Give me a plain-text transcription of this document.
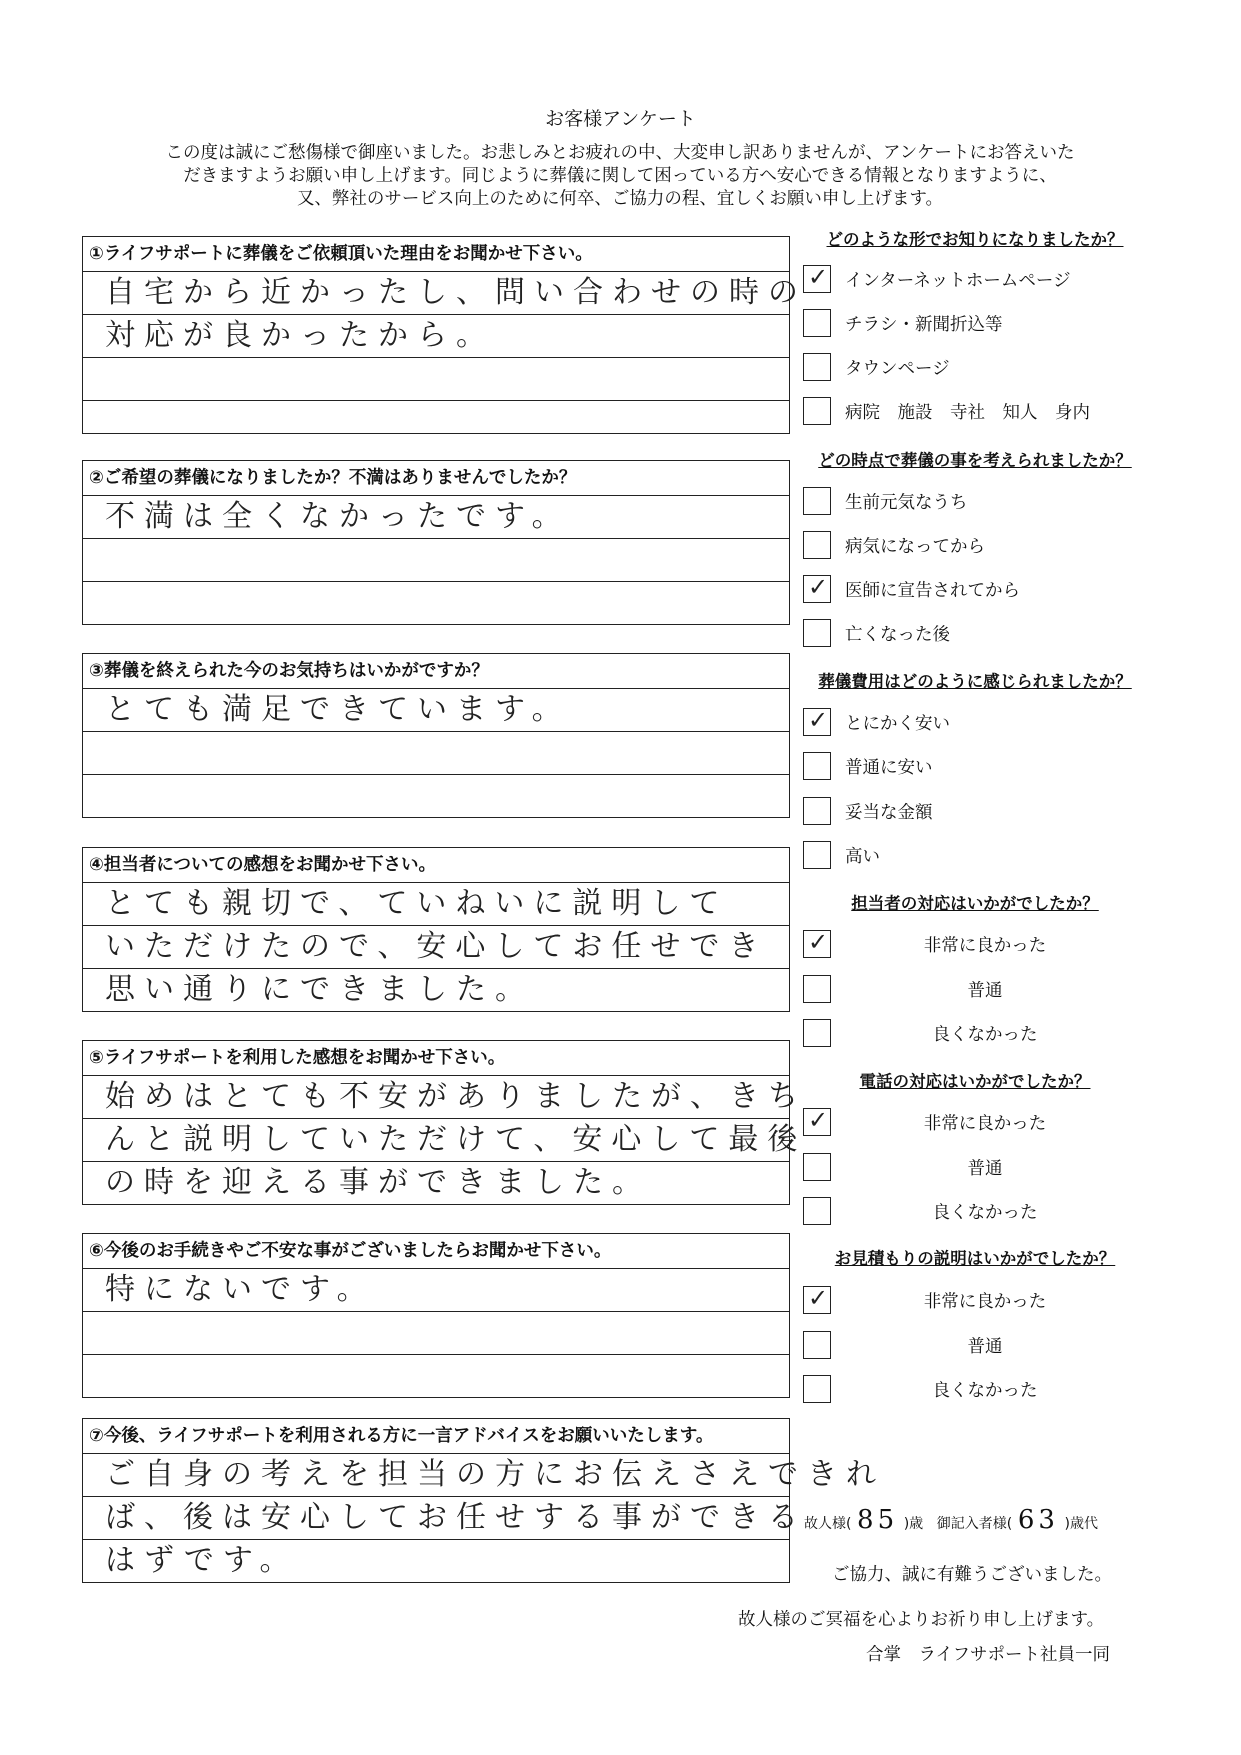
お客様アンケート
この度は誠にご愁傷様で御座いました。お悲しみとお疲れの中、大変申し訳ありませんが、アンケートにお答えいた
だきますようお願い申し上げます。同じように葬儀に関して困っている方へ安心できる情報となりますように、
又、弊社のサービス向上のために何卒、ご協力の程、宜しくお願い申し上げます。
①ライフサポートに葬儀をご依頼頂いた理由をお聞かせ下さい。
自宅から近かったし、問い合わせの時の
対応が良かったから。
②ご希望の葬儀になりましたか？不満はありませんでしたか？
不満は全くなかったです。
③葬儀を終えられた今のお気持ちはいかがですか？
とても満足できています。
④担当者についての感想をお聞かせ下さい。
とても親切で、ていねいに説明して
いただけたので、安心してお任せでき
思い通りにできました。
⑤ライフサポートを利用した感想をお聞かせ下さい。
始めはとても不安がありましたが、きち
んと説明していただけて、安心して最後
の時を迎える事ができました。
⑥今後のお手続きやご不安な事がございましたらお聞かせ下さい。
特にないです。
⑦今後、ライフサポートを利用される方に一言アドバイスをお願いいたします。
ご自身の考えを担当の方にお伝えさえできれ
ば、後は安心してお任せする事ができる
はずです。
どのような形でお知りになりましたか？
✓ インターネットホームページ
チラシ・新聞折込等
タウンページ
病院　施設　寺社　知人　身内
どの時点で葬儀の事を考えられましたか？
生前元気なうち
病気になってから
✓ 医師に宣告されてから
亡くなった後
葬儀費用はどのように感じられましたか？
✓ とにかく安い
普通に安い
妥当な金額
高い
担当者の対応はいかがでしたか？
✓	非常に良かった
普通
良くなかった
電話の対応はいかがでしたか？
✓	非常に良かった
普通
良くなかった
お見積もりの説明はいかがでしたか？
✓	非常に良かった
普通
良くなかった
故人様( 85 )歳 御記入者様( 63 )歳代
ご協力、誠に有難うございました。
故人様のご冥福を心よりお祈り申し上げます。
合掌　ライフサポート社員一同
